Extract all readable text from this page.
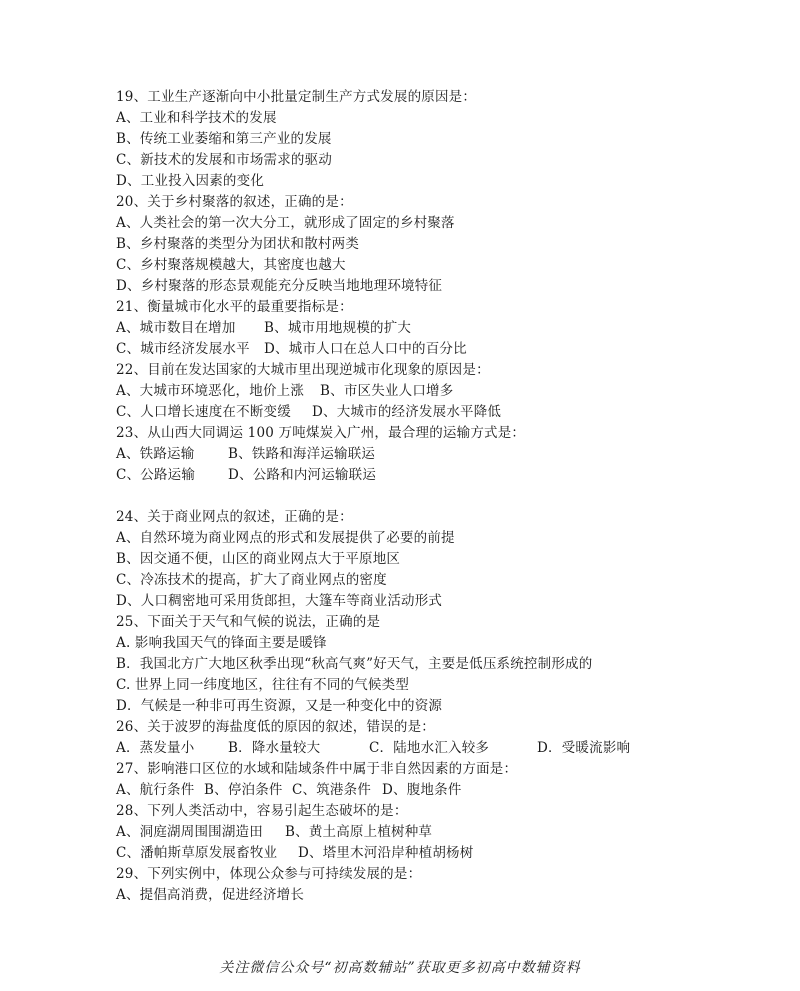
19、工业生产逐渐向中小批量定制生产方式发展的原因是：
A、工业和科学技术的发展
B、传统工业萎缩和第三产业的发展
C、新技术的发展和市场需求的驱动
D、工业投入因素的变化
20、关于乡村聚落的叙述，正确的是：
A、人类社会的第一次大分工，就形成了固定的乡村聚落
B、乡村聚落的类型分为团状和散村两类
C、乡村聚落规模越大，其密度也越大
D、乡村聚落的形态景观能充分反映当地地理环境特征
21、衡量城市化水平的最重要指标是：
A、城市数目在增加 B、城市用地规模的扩大
C、城市经济发展水平 D、城市人口在总人口中的百分比
22、目前在发达国家的大城市里出现逆城市化现象的原因是：
A、大城市环境恶化，地价上涨 B、市区失业人口增多
C、人口增长速度在不断变缓 D、大城市的经济发展水平降低
23、从山西大同调运 100 万吨煤炭入广州，最合理的运输方式是：
A、铁路运输 B、铁路和海洋运输联运
C、公路运输 D、公路和内河运输联运
24、关于商业网点的叙述，正确的是：
A、自然环境为商业网点的形式和发展提供了必要的前提
B、因交通不便，山区的商业网点大于平原地区
C、冷冻技术的提高，扩大了商业网点的密度
D、人口稠密地可采用货郎担，大篷车等商业活动形式
25、下面关于天气和气候的说法，正确的是
A. 影响我国天气的锋面主要是暖锋
B．我国北方广大地区秋季出现“秋高气爽”好天气，主要是低压系统控制形成的
C. 世界上同一纬度地区，往往有不同的气候类型
D．气候是一种非可再生资源，又是一种变化中的资源
26、关于波罗的海盐度低的原因的叙述，错误的是：
A．蒸发量小 B．降水量较大	C．陆地水汇入较多	D．受暖流影响
27、影响港口区位的水域和陆域条件中属于非自然因素的方面是：
A、航行条件 B、停泊条件 C、筑港条件 D、腹地条件
28、下列人类活动中，容易引起生态破坏的是：
A、洞庭湖周围围湖造田 B、黄土高原上植树种草
C、潘帕斯草原发展畜牧业 D、塔里木河沿岸种植胡杨树
29、下列实例中，体现公众参与可持续发展的是：
A、提倡高消费，促进经济增长
关注微信公众号“初高数辅站”获取更多初高中数辅资料
